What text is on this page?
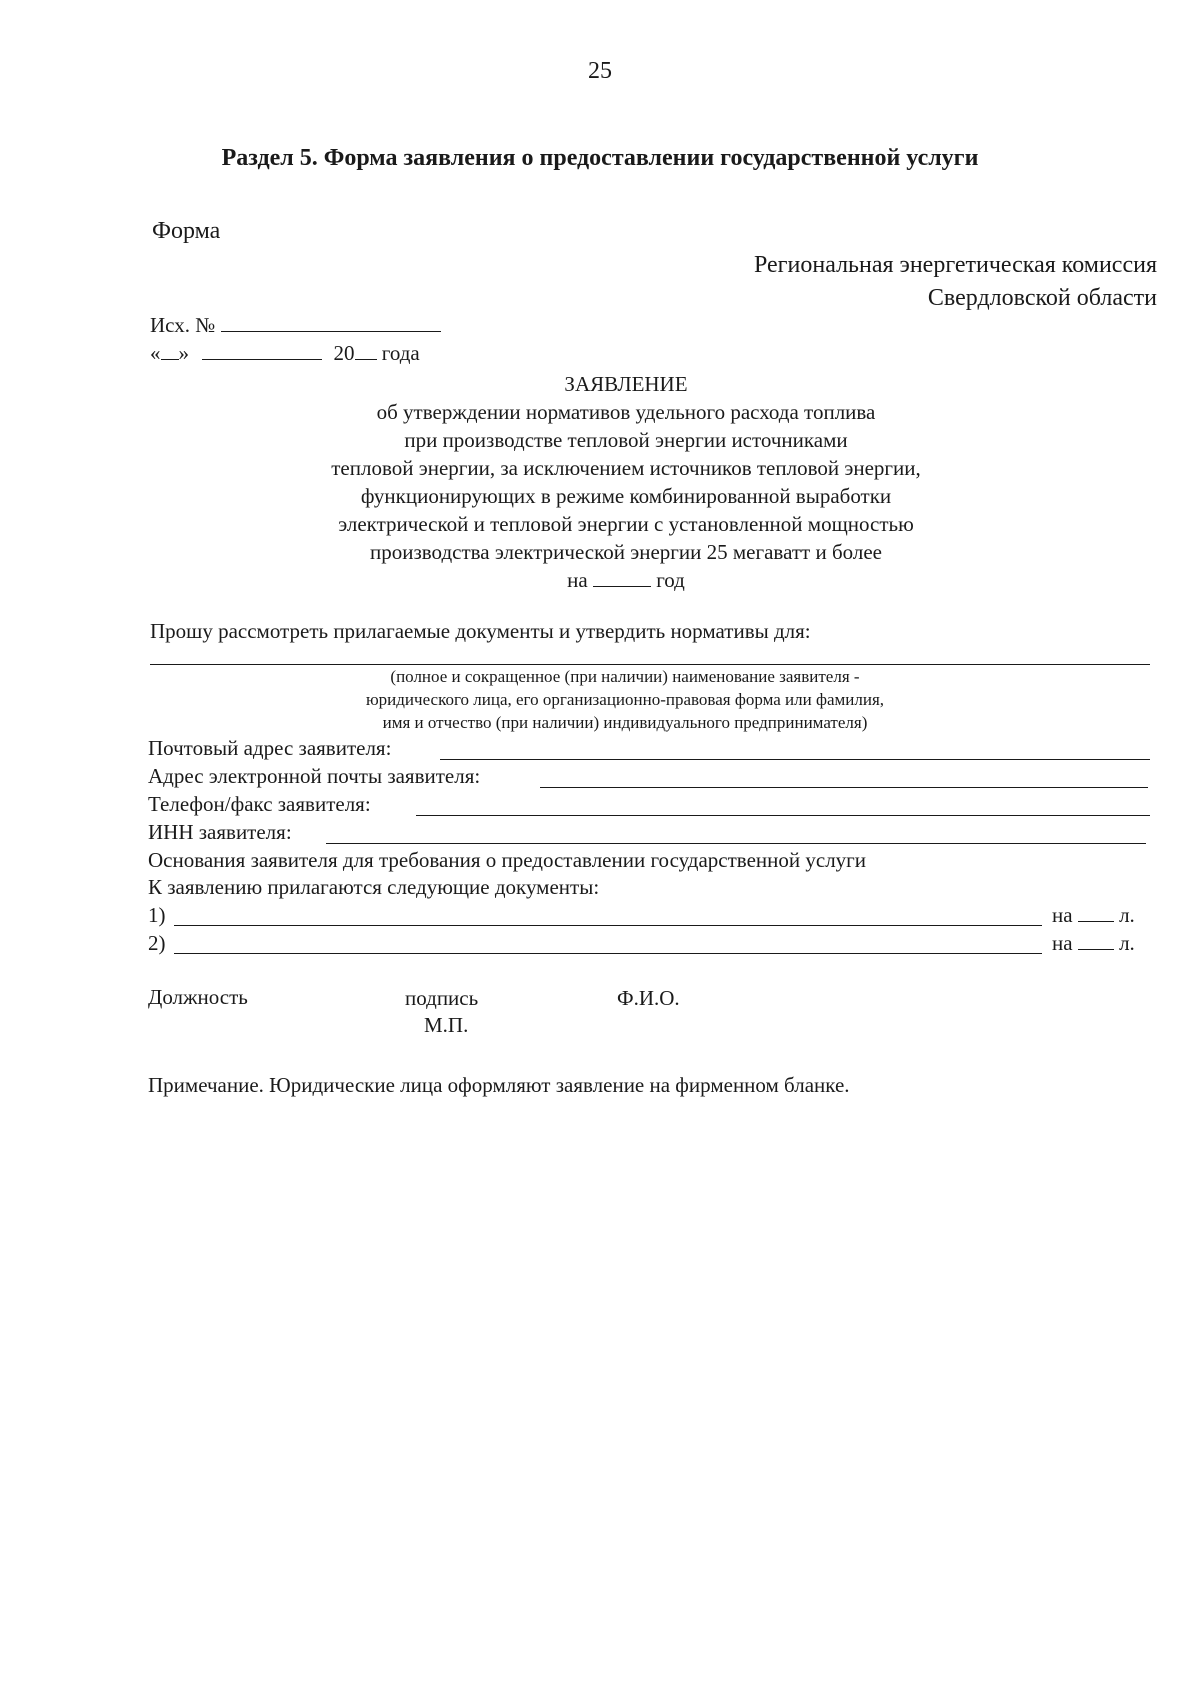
25
Раздел 5. Форма заявления о предоставлении государственной услуги
Форма
Региональная энергетическая комиссия
Свердловской области
Исх. №
« »	20 года
ЗАЯВЛЕНИЕ
об утверждении нормативов удельного расхода топлива
при производстве тепловой энергии источниками
тепловой энергии, за исключением источников тепловой энергии,
функционирующих в режиме комбинированной выработки
электрической и тепловой энергии с установленной мощностью
производства электрической энергии 25 мегаватт и более
на	год
Прошу рассмотреть прилагаемые документы и утвердить нормативы для:
(полное и сокращенное (при наличии) наименование заявителя -
юридического лица, его организационно-правовая форма или фамилия,
имя и отчество (при наличии) индивидуального предпринимателя)
Почтовый адрес заявителя:
Адрес электронной почты заявителя:
Телефон/факс заявителя:
ИНН заявителя:
Основания заявителя для требования о предоставлении государственной услуги
К заявлению прилагаются следующие документы:
1)	на л.
2)	на л.
Должность	подпись
М.П.
Ф.И.О.
Примечание. Юридические лица оформляют заявление на фирменном бланке.
